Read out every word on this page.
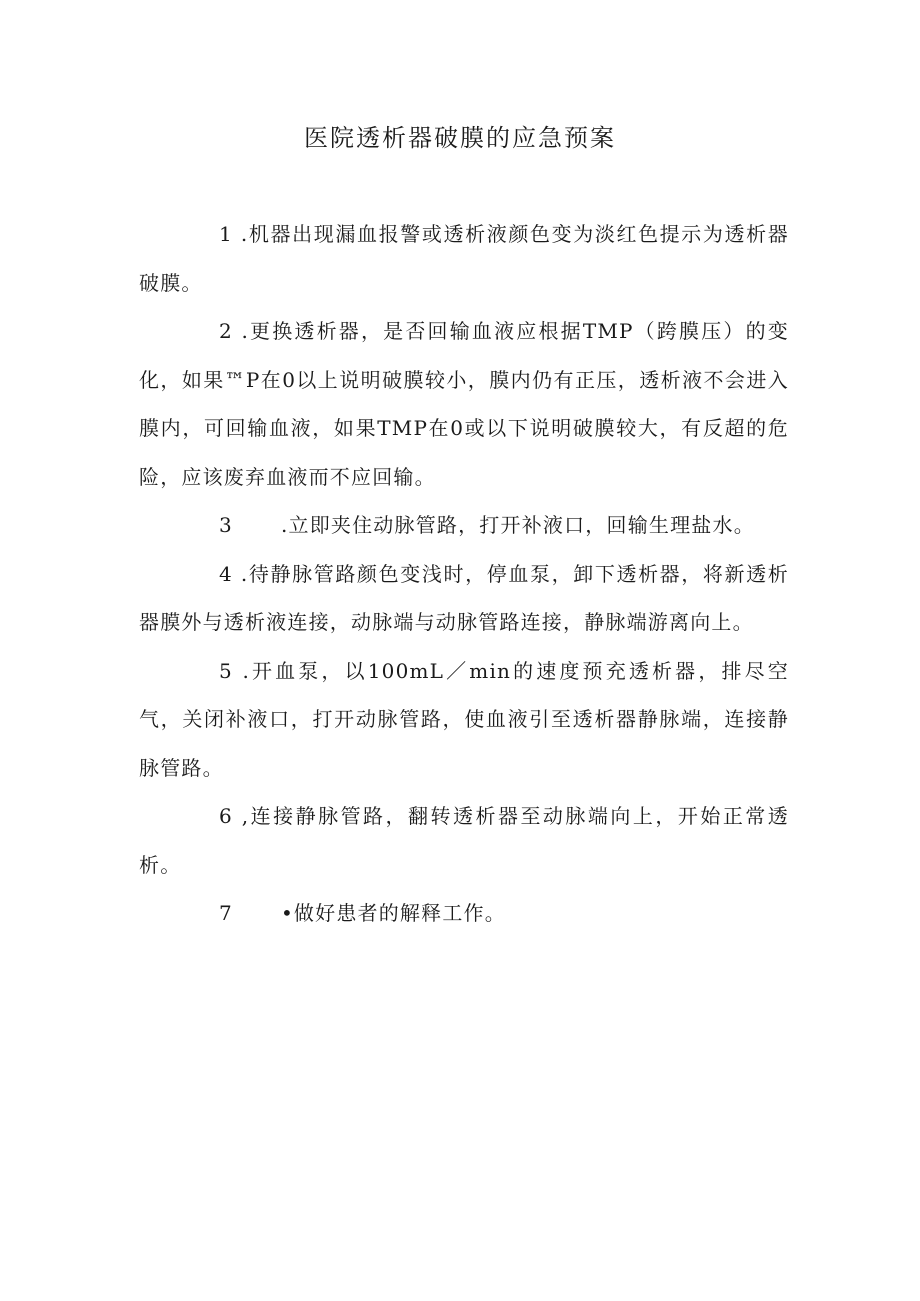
医院透析器破膜的应急预案

1 .机器出现漏血报警或透析液颜色变为淡红色提示为透析器破膜。

2 .更换透析器，是否回输血液应根据TMP（跨膜压）的变化，如果™P在0以上说明破膜较小，膜内仍有正压，透析液不会进入膜内，可回输血液，如果TMP在0或以下说明破膜较大，有反超的危险，应该废弃血液而不应回输。

3 .立即夹住动脉管路，打开补液口，回输生理盐水。

4 .待静脉管路颜色变浅时，停血泵，卸下透析器，将新透析器膜外与透析液连接，动脉端与动脉管路连接，静脉端游离向上。

5 .开血泵，以100mL／min的速度预充透析器，排尽空气，关闭补液口，打开动脉管路，使血液引至透析器静脉端，连接静脉管路。

6 ,连接静脉管路，翻转透析器至动脉端向上，开始正常透析。

7 •做好患者的解释工作。
